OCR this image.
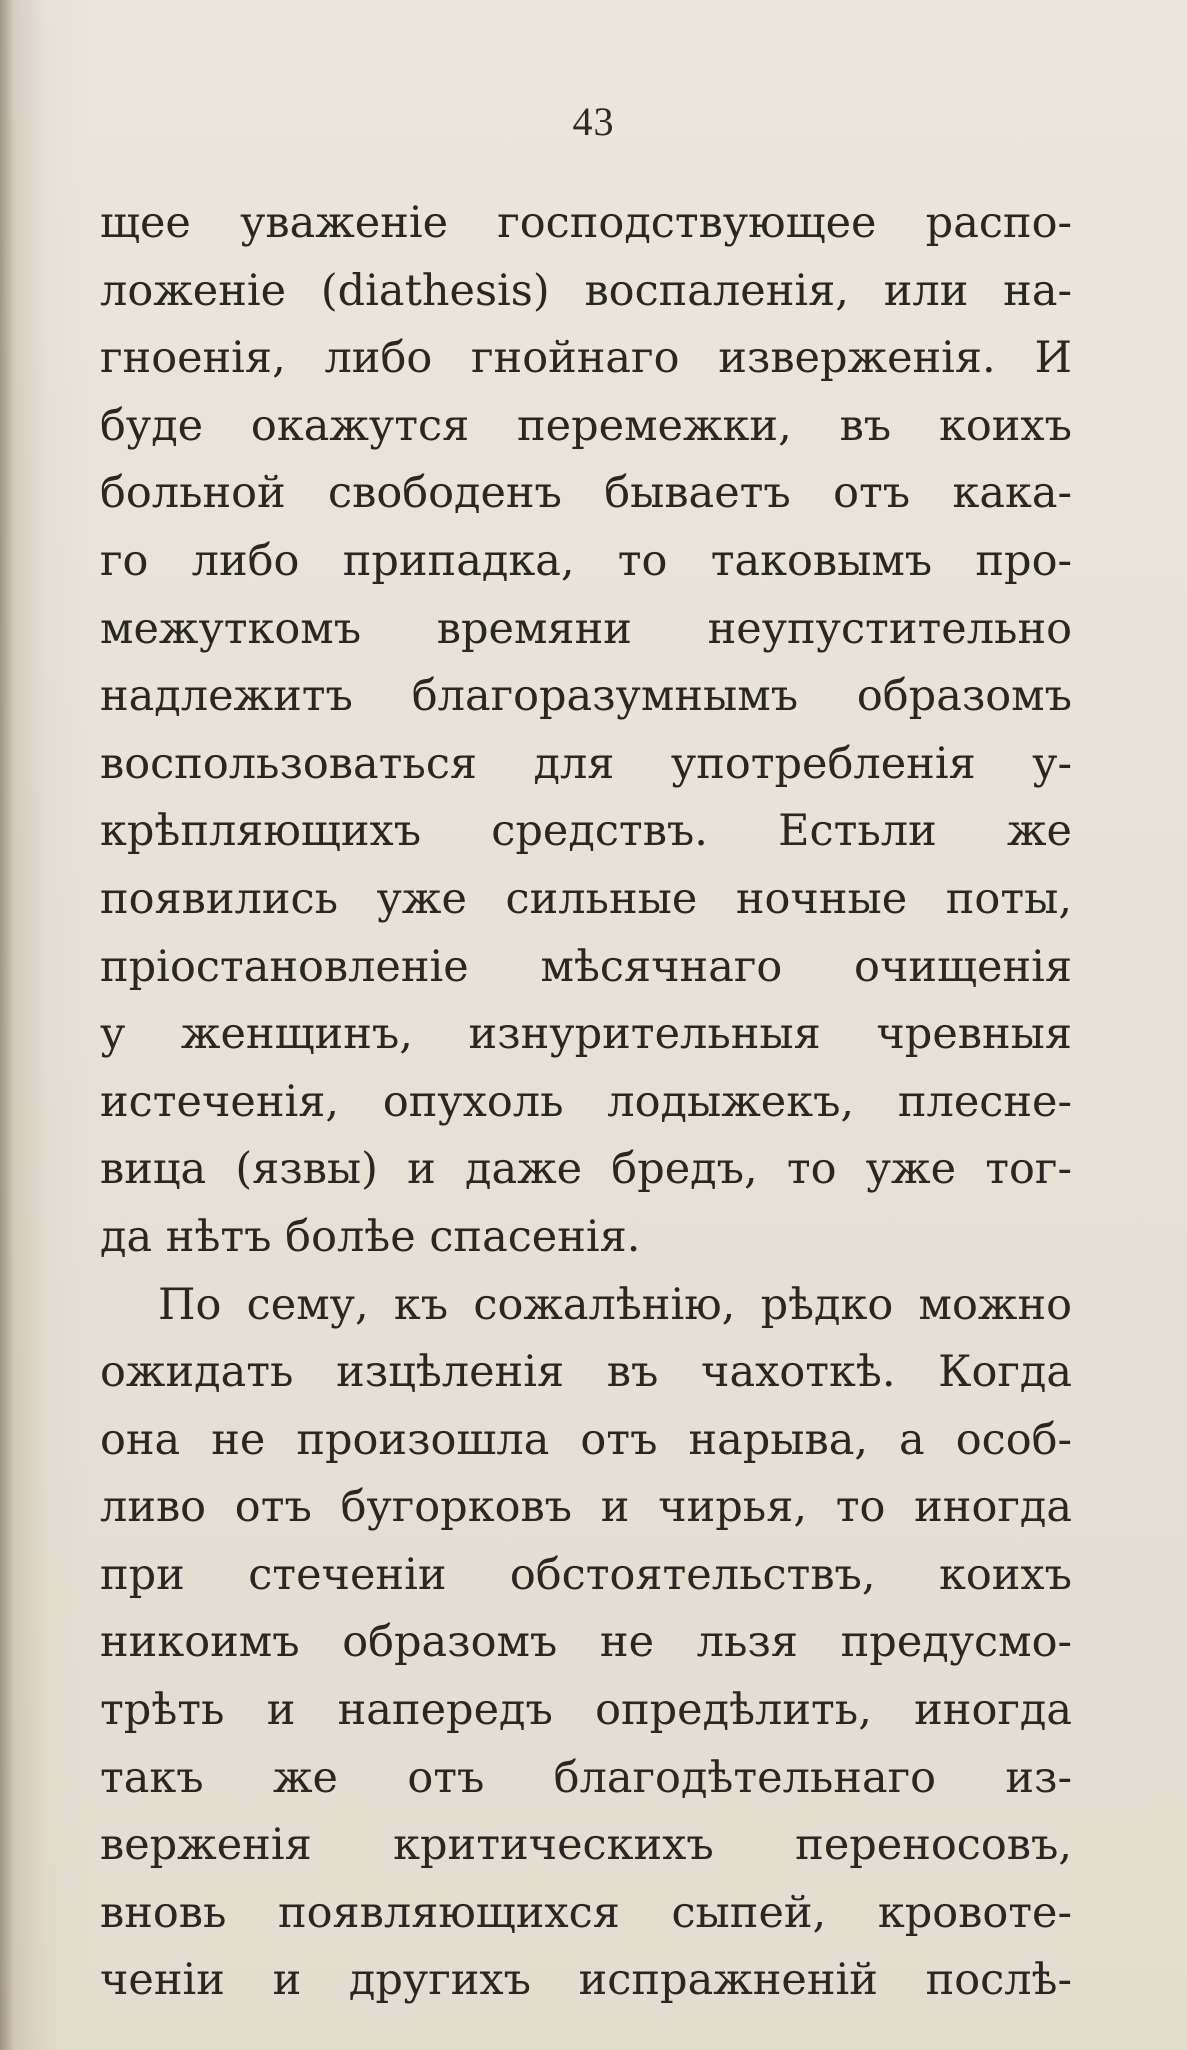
43
щее уваженіе господствующее распо-
ложеніе (diathesis) воспаленія, или на-
гноенія, либо гнойнаго изверженія. И
буде окажутся перемежки, въ коихъ
больной свободенъ бываетъ отъ кака-
го либо припадка, то таковымъ про-
межуткомъ времяни неупустительно
надлежитъ благоразумнымъ образомъ
воспользоваться для употребленія у-
крѣпляющихъ средствъ. Естьли же
появились уже сильные ночные поты,
пріостановленіе мѣсячнаго очищенія
у женщинъ, изнурительныя чревныя
истеченія, опухоль лодыжекъ, плесне-
вица (язвы) и даже бредъ, то уже тог-
да нѣтъ болѣе спасенія.
По сему, къ сожалѣнію, рѣдко можно
ожидать изцѣленія въ чахоткѣ. Когда
она не произошла отъ нарыва, а особ-
ливо отъ бугорковъ и чирья, то иногда
при стеченіи обстоятельствъ, коихъ
никоимъ образомъ не льзя предусмо-
трѣть и напередъ опредѣлить, иногда
такъ же отъ благодѣтельнаго из-
верженія критическихъ переносовъ,
вновь появляющихся сыпей, кровоте-
ченіи и другихъ испражненій послѣ-
